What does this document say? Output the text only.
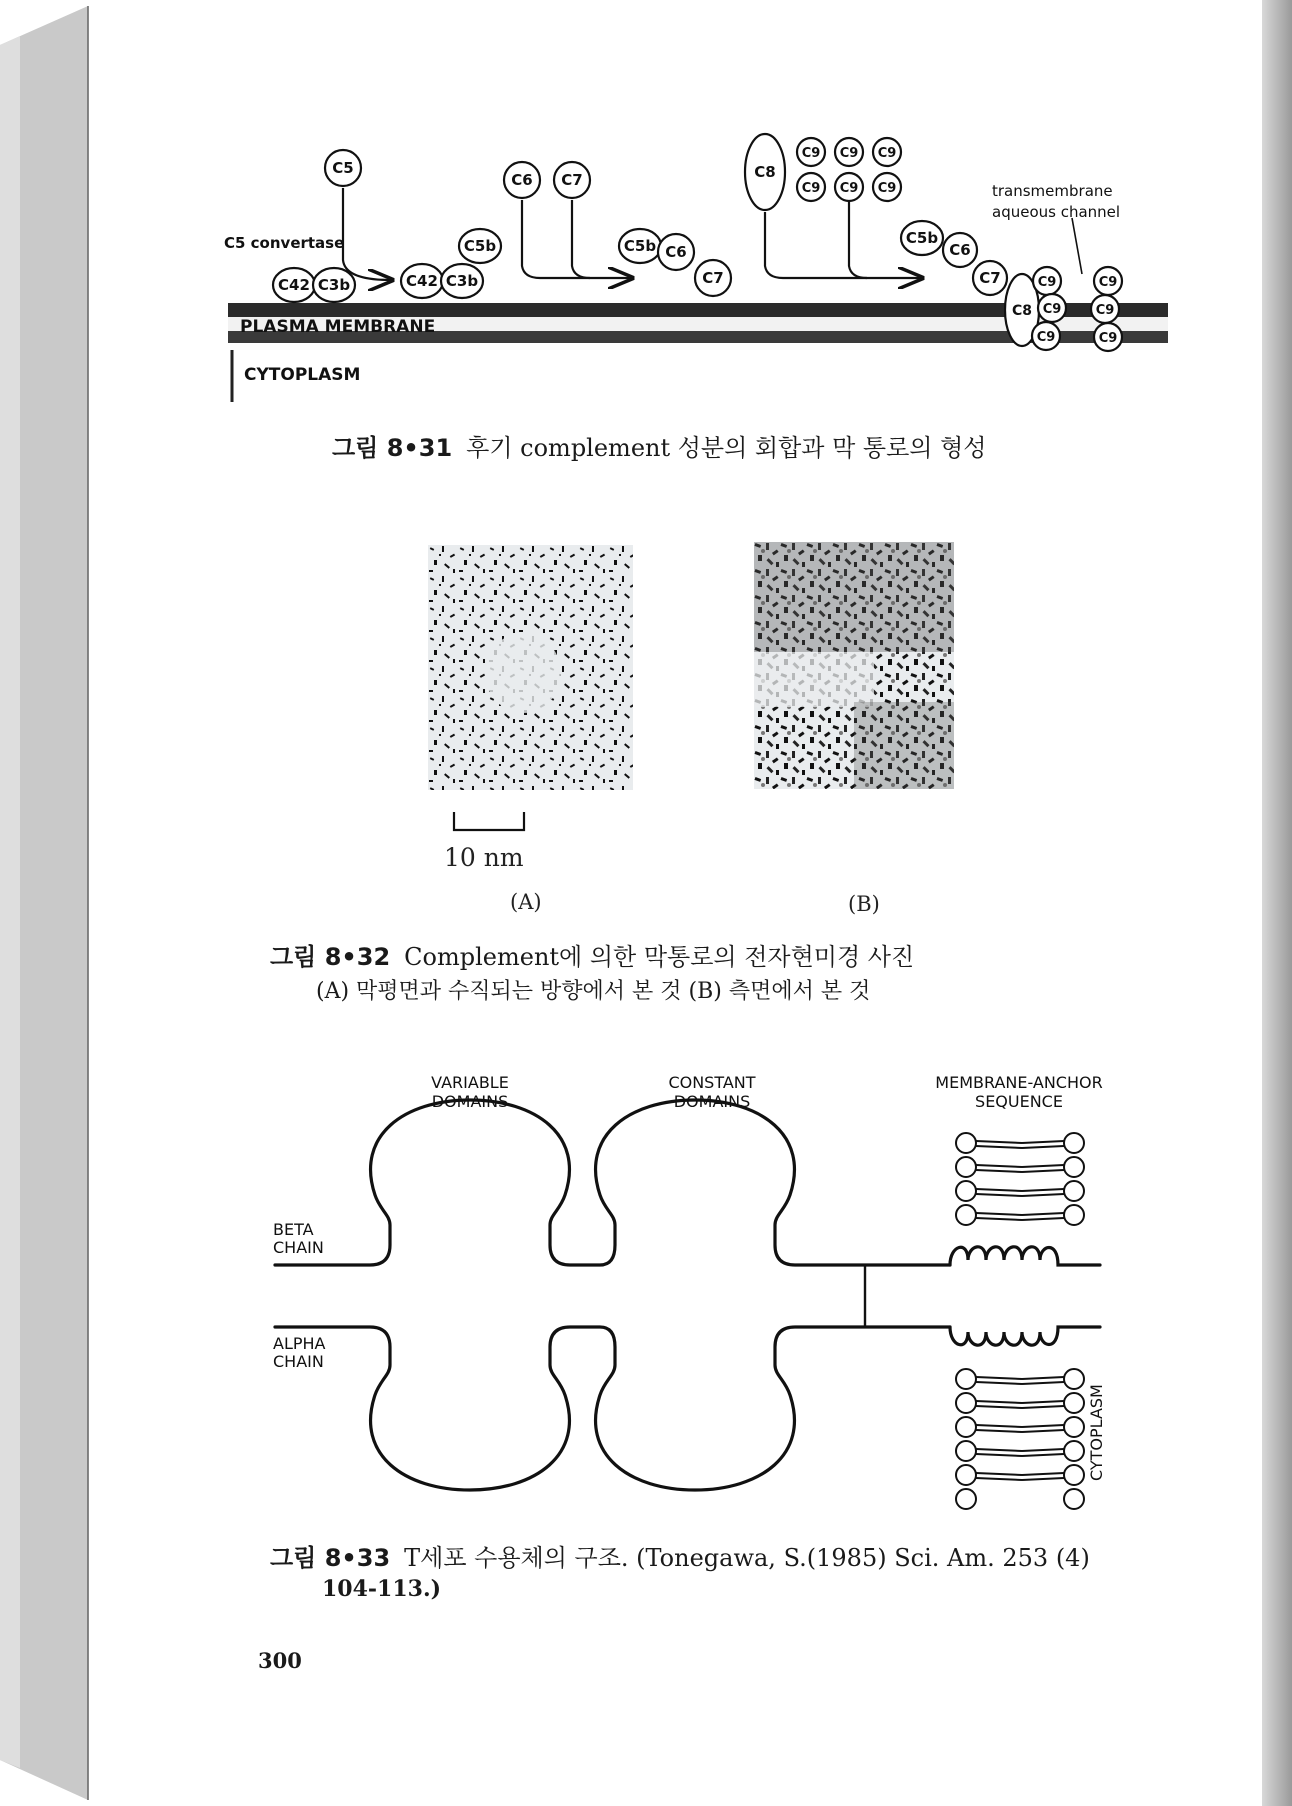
PLASMA MEMBRANE
CYTOPLASM
C5 convertase
C5
C42 C3b	C42 C3b
C5b
C6 C7
C5b C6
C7
C8
C9 C9 C9
C9 C9 C9
C5b
C6
C7
C8
C9
C9
C9
C9
C9
C9
transmembrane
aqueous channel
그림 8•31 후기 complement 성분의 회합과 막 통로의 형성
10 nm
(A)	(B)
그림 8•32 Complement에 의한 막통로의 전자현미경 사진
(A) 막평면과 수직되는 방향에서 본 것 (B) 측면에서 본 것
VARIABLE
DOMAINS
CONSTANT
DOMAINS
MEMBRANE-ANCHOR
SEQUENCE
BETA
CHAIN
ALPHA
CHAIN
CYTOPLASM
그림 8•33 T세포 수용체의 구조. (Tonegawa, S.(1985) Sci. Am. 253 (4)
104-113.)
300
